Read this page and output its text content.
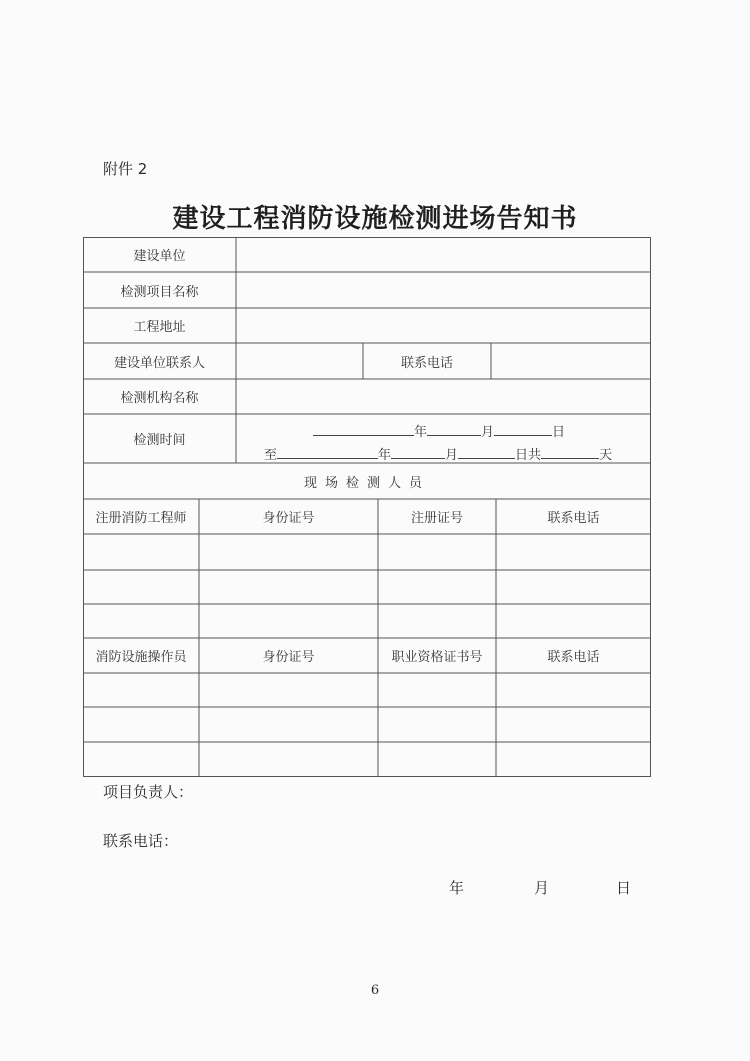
附件 2
建设工程消防设施检测进场告知书
建设单位
检测项目名称
工程地址
建设单位联系人	联系电话
检测机构名称
检测时间
年	月	日
至	年	月	日共	天
现场检测人员
注册消防工程师	身份证号	注册证号	联系电话
消防设施操作员	身份证号	职业资格证书号	联系电话
项目负责人：
联系电话：
年	月	日
6
